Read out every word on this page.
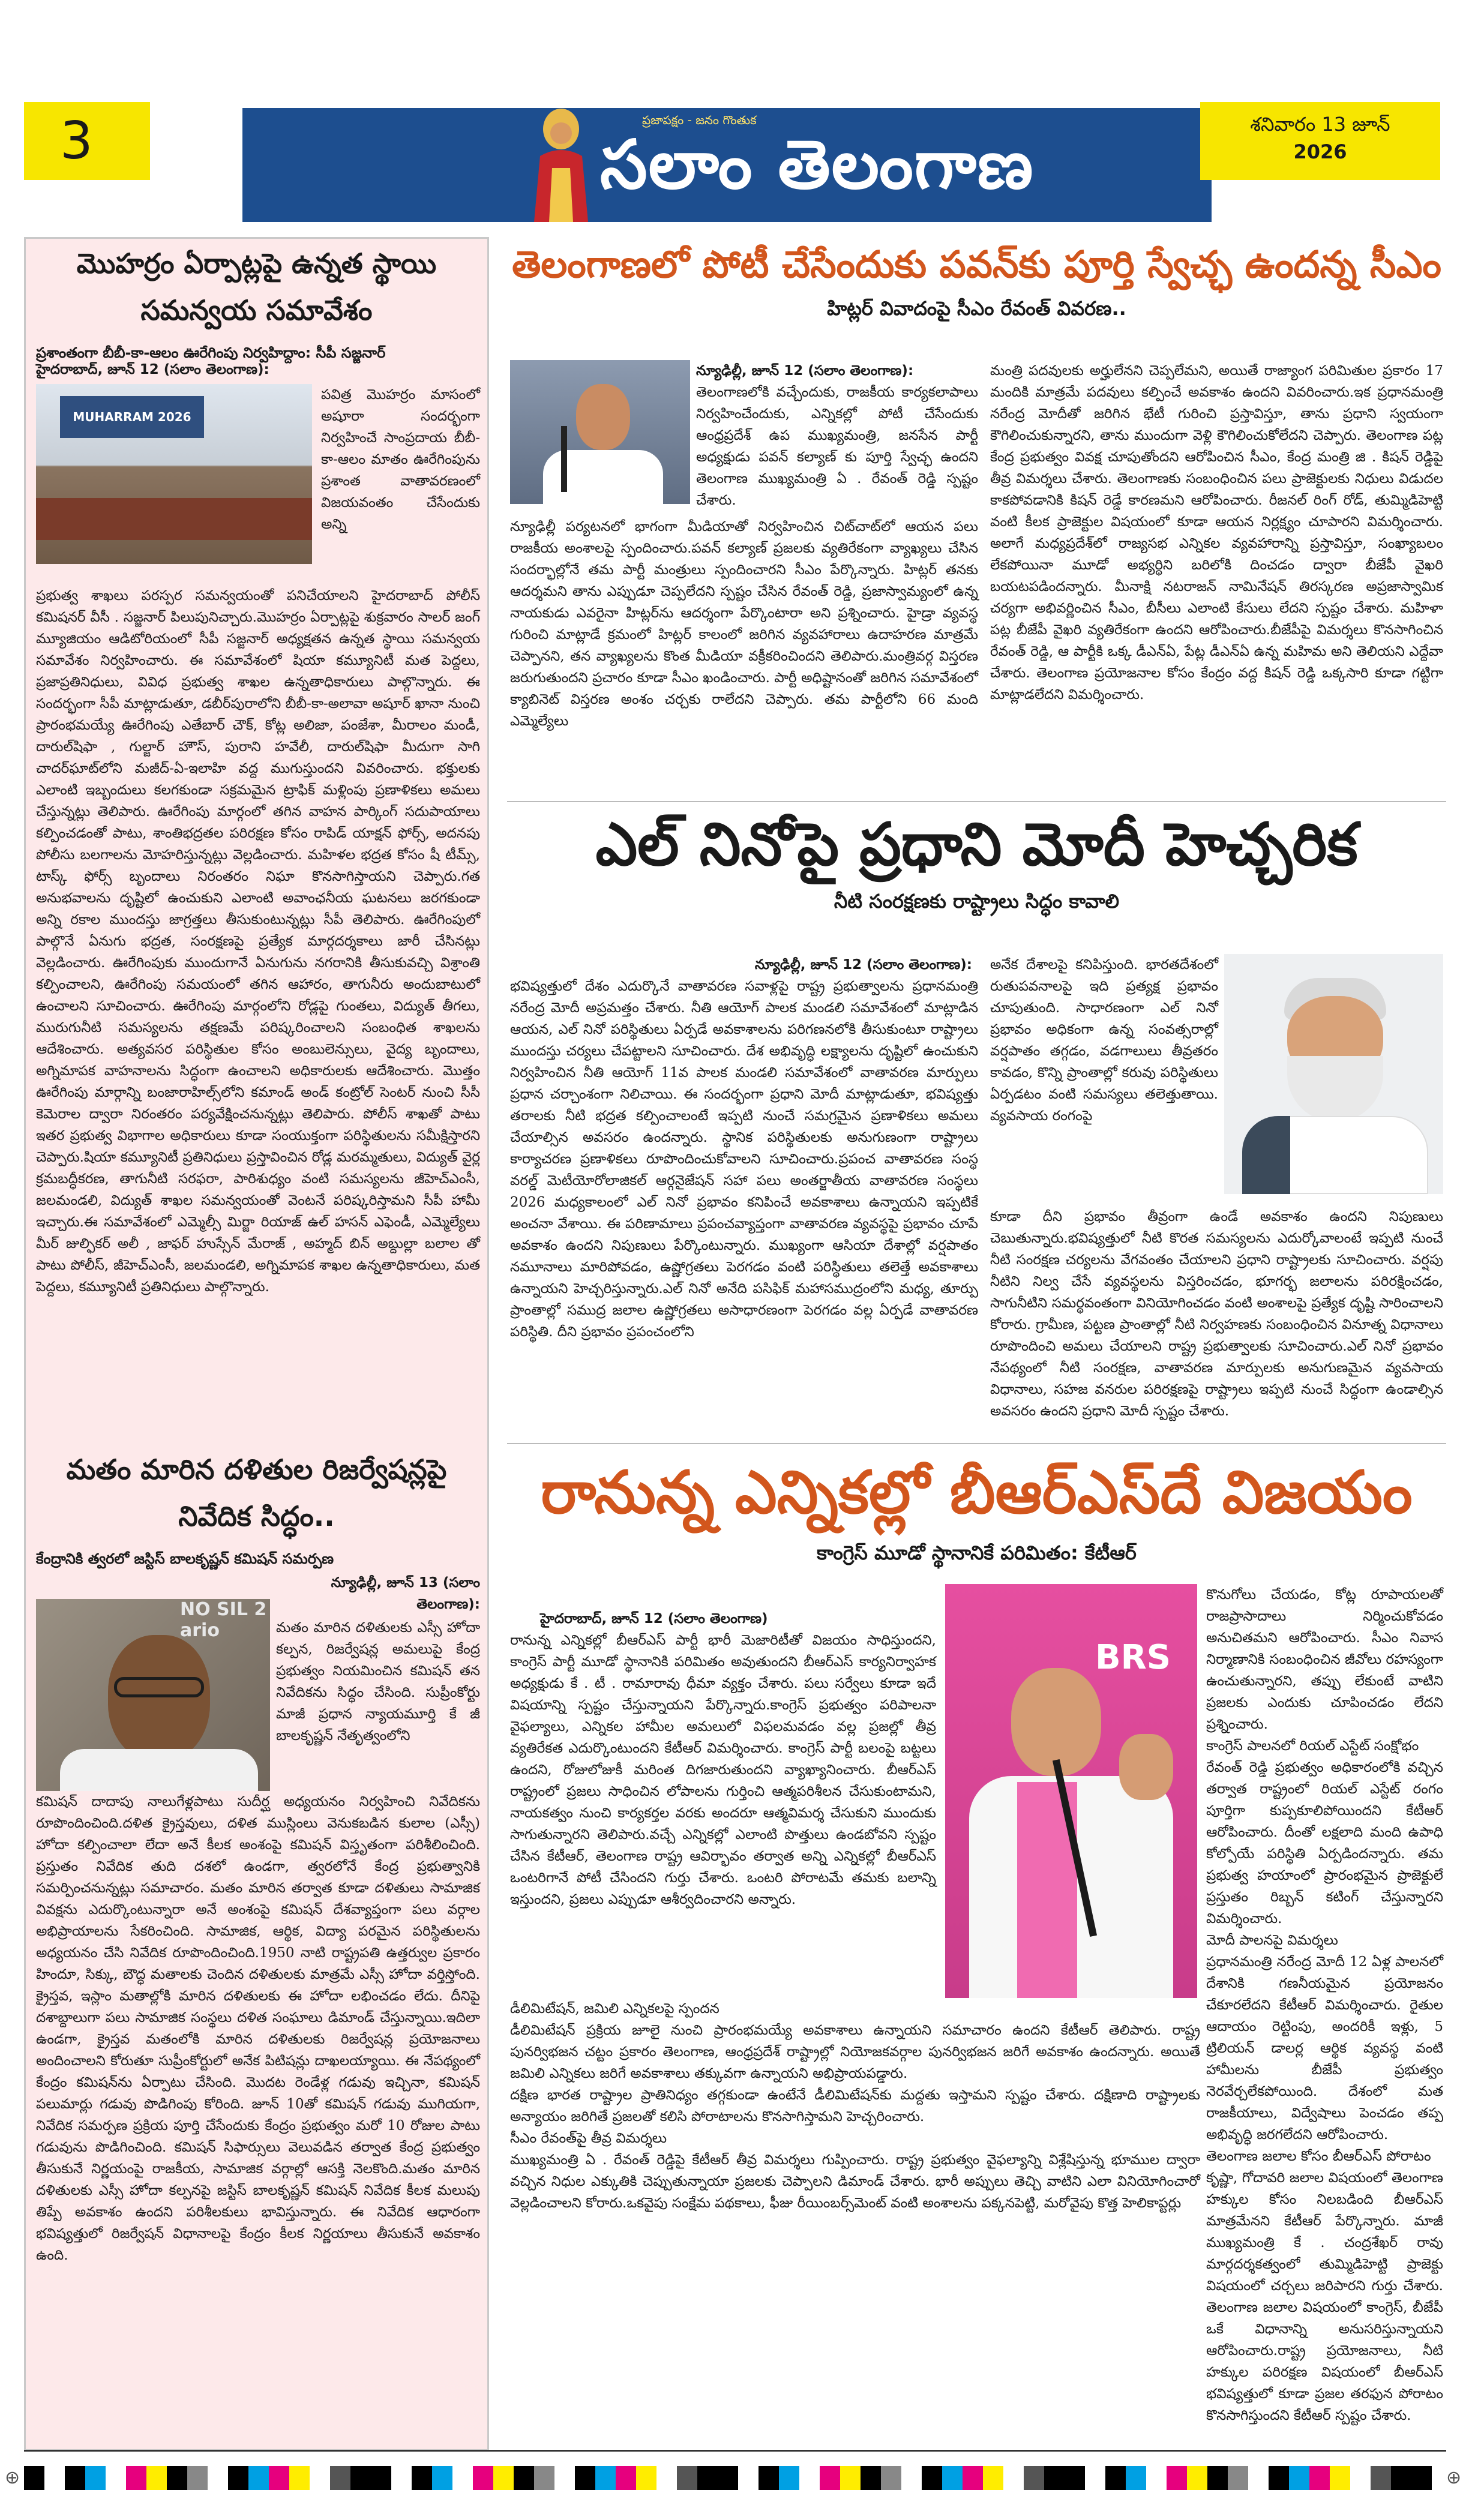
3	ప్రజాపక్షం - జనం గొంతుక
సలాం తెలంగాణ
శనివారం 13 జూన్
2026
మొహర్రం ఏర్పాట్లపై ఉన్నత స్థాయి సమన్వయ సమావేశం
ప్రశాంతంగా బీబీ-కా-ఆలం ఊరేగింపు నిర్వహిద్దాం: సీపీ సజ్జనార్
హైదరాబాద్, జూన్ 12 (సలాం తెలంగాణ):
MUHARRAM 2026

పవిత్ర మొహర్రం మాసంలో అషూరా సందర్భంగా నిర్వహించే సాంప్రదాయ బీబీ-కా-ఆలం మాతం ఊరేగింపును ప్రశాంత వాతావరణంలో విజయవంతం చేసేందుకు అన్ని

ప్రభుత్వ శాఖలు పరస్పర సమన్వయంతో పనిచేయాలని హైదరాబాద్ పోలీస్ కమిషనర్ వీసీ . సజ్జనార్ పిలుపునిచ్చారు.మొహర్రం ఏర్పాట్లపై శుక్రవారం సాలర్ జంగ్ మ్యూజియం ఆడిటోరియంలో సీపీ సజ్జనార్ అధ్యక్షతన ఉన్నత స్థాయి సమన్వయ సమావేశం నిర్వహించారు. ఈ సమావేశంలో షియా కమ్యూనిటీ మత పెద్దలు, ప్రజాప్రతినిధులు, వివిధ ప్రభుత్వ శాఖల ఉన్నతాధికారులు పాల్గొన్నారు. ఈ సందర్భంగా సీపీ మాట్లాడుతూ, డబీర్‌పురాలోని బీబీ-కా-అలావా అషూర్ ఖానా నుంచి ప్రారంభమయ్యే ఊరేగింపు ఎతేబార్ చౌక్, కోట్ల అలిజా, పంజేశా, మీరాలం మండీ, దారుల్‌షిఫా , గుల్జార్ హౌస్, పురాని హవేలీ, దారుల్‌షిఫా మీదుగా సాగి చాదర్‌ఘాట్‌లోని మజీద్-ఏ-ఇలాహి వద్ద ముగుస్తుందని వివరించారు. భక్తులకు ఎలాంటి ఇబ్బందులు కలగకుండా సక్రమమైన ట్రాఫిక్ మళ్లింపు ప్రణాళికలు అమలు చేస్తున్నట్లు తెలిపారు. ఊరేగింపు మార్గంలో తగిన వాహన పార్కింగ్ సదుపాయాలు కల్పించడంతో పాటు, శాంతిభద్రతల పరిరక్షణ కోసం రాపిడ్ యాక్షన్ ఫోర్స్, అదనపు పోలీసు బలగాలను మోహరిస్తున్నట్లు వెల్లడించారు. మహిళల భద్రత కోసం షీ టీమ్స్, టాస్క్ ఫోర్స్ బృందాలు నిరంతరం నిఘా కొనసాగిస్తాయని చెప్పారు.గత అనుభవాలను దృష్టిలో ఉంచుకుని ఎలాంటి అవాంఛనీయ ఘటనలు జరగకుండా అన్ని రకాల ముందస్తు జాగ్రత్తలు తీసుకుంటున్నట్లు సీపీ తెలిపారు. ఊరేగింపులో పాల్గొనే ఏనుగు భద్రత, సంరక్షణపై ప్రత్యేక మార్గదర్శకాలు జారీ చేసినట్లు వెల్లడించారు. ఊరేగింపుకు ముందుగానే ఏనుగును నగరానికి తీసుకువచ్చి విశ్రాంతి కల్పించాలని, ఊరేగింపు సమయంలో తగిన ఆహారం, తాగునీరు అందుబాటులో ఉంచాలని సూచించారు. ఊరేగింపు మార్గంలోని రోడ్లపై గుంతలు, విద్యుత్ తీగలు, మురుగునీటి సమస్యలను తక్షణమే పరిష్కరించాలని సంబంధిత శాఖలను ఆదేశించారు. అత్యవసర పరిస్థితుల కోసం అంబులెన్సులు, వైద్య బృందాలు, అగ్నిమాపక వాహనాలను సిద్ధంగా ఉంచాలని అధికారులకు ఆదేశించారు. మొత్తం ఊరేగింపు మార్గాన్ని బంజారాహిల్స్‌లోని కమాండ్ అండ్ కంట్రోల్ సెంటర్ నుంచి సీసీ కెమెరాల ద్వారా నిరంతరం పర్యవేక్షించనున్నట్లు తెలిపారు. పోలీస్ శాఖతో పాటు ఇతర ప్రభుత్వ విభాగాల అధికారులు కూడా సంయుక్తంగా పరిస్థితులను సమీక్షిస్తారని చెప్పారు.షియా కమ్యూనిటీ ప్రతినిధులు ప్రస్తావించిన రోడ్ల మరమ్మతులు, విద్యుత్ వైర్ల క్రమబద్ధీకరణ, తాగునీటి సరఫరా, పారిశుధ్యం వంటి సమస్యలను జీహెచ్ఎంసీ, జలమండలి, విద్యుత్ శాఖల సమన్వయంతో వెంటనే పరిష్కరిస్తామని సీపీ హామీ ఇచ్చారు.ఈ సమావేశంలో ఎమ్మెల్సీ మిర్జా రియాజ్ ఉల్ హసన్ ఎఫెండీ, ఎమ్మెల్యేలు మీర్ జుల్ఫికర్ అలీ , జాఫర్ హుస్సేన్ మేరాజ్ , అహ్మద్ బిన్ అబ్దుల్లా బలాల తో పాటు పోలీస్, జీహెచ్ఎంసీ, జలమండలి, అగ్నిమాపక శాఖల ఉన్నతాధికారులు, మత పెద్దలు, కమ్యూనిటీ ప్రతినిధులు పాల్గొన్నారు.

మతం మారిన దళితుల రిజర్వేషన్లపై నివేదిక సిద్ధం..
కేంద్రానికి త్వరలో జస్టిస్ బాలకృష్ణన్ కమిషన్ సమర్పణ
న్యూఢిల్లీ, జూన్ 13 (సలాం తెలంగాణ):
NO SIL 2 ario	మతం మారిన దళితులకు ఎస్సీ హోదా కల్పన, రిజర్వేషన్ల అమలుపై కేంద్ర ప్రభుత్వం నియమించిన కమిషన్ తన నివేదికను సిద్ధం చేసింది. సుప్రీంకోర్టు మాజీ ప్రధాన న్యాయమూర్తి కే జీ బాలకృష్ణన్ నేతృత్వంలోని

కమిషన్ దాదాపు నాలుగేళ్లపాటు సుదీర్ఘ అధ్యయనం నిర్వహించి నివేదికను రూపొందించింది.దళిత క్రైస్తవులు, దళిత ముస్లింలు వెనుకబడిన కులాల (ఎస్సీ) హోదా కల్పించాలా లేదా అనే కీలక అంశంపై కమిషన్ విస్తృతంగా పరిశీలించింది. ప్రస్తుతం నివేదిక తుది దశలో ఉండగా, త్వరలోనే కేంద్ర ప్రభుత్వానికి సమర్పించనున్నట్లు సమాచారం. మతం మారిన తర్వాత కూడా దళితులు సామాజిక వివక్షను ఎదుర్కొంటున్నారా అనే అంశంపై కమిషన్ దేశవ్యాప్తంగా పలు వర్గాల అభిప్రాయాలను సేకరించింది. సామాజిక, ఆర్థిక, విద్యా పరమైన పరిస్థితులను అధ్యయనం చేసి నివేదిక రూపొందించింది.1950 నాటి రాష్ట్రపతి ఉత్తర్వుల ప్రకారం హిందూ, సిక్కు, బౌద్ధ మతాలకు చెందిన దళితులకు మాత్రమే ఎస్సీ హోదా వర్తిస్తోంది. క్రైస్తవ, ఇస్లాం మతాల్లోకి మారిన దళితులకు ఈ హోదా లభించడం లేదు. దీనిపై దశాబ్దాలుగా పలు సామాజిక సంస్థలు దళిత సంఘాలు డిమాండ్ చేస్తున్నాయి.ఇదిలా ఉండగా, క్రైస్తవ మతంలోకి మారిన దళితులకు రిజర్వేషన్ల ప్రయోజనాలు అందించాలని కోరుతూ సుప్రీంకోర్టులో అనేక పిటిషన్లు దాఖలయ్యాయి. ఈ నేపథ్యంలో కేంద్రం కమిషన్‌ను ఏర్పాటు చేసింది. మొదట రెండేళ్ల గడువు ఇచ్చినా, కమిషన్ పలుమార్లు గడువు పొడిగింపు కోరింది. జూన్ 10తో కమిషన్ గడువు ముగియగా, నివేదిక సమర్పణ ప్రక్రియ పూర్తి చేసేందుకు కేంద్రం ప్రభుత్వం మరో 10 రోజుల పాటు గడువును పొడిగించింది. కమిషన్ సిఫార్సులు వెలువడిన తర్వాత కేంద్ర ప్రభుత్వం తీసుకునే నిర్ణయంపై రాజకీయ, సామాజిక వర్గాల్లో ఆసక్తి నెలకొంది.మతం మారిన దళితులకు ఎస్సీ హోదా కల్పనపై జస్టిస్ బాలకృష్ణన్ కమిషన్ నివేదిక కీలక మలుపు తిప్పే అవకాశం ఉందని పరిశీలకులు భావిస్తున్నారు. ఈ నివేదిక ఆధారంగా భవిష్యత్తులో రిజర్వేషన్ విధానాలపై కేంద్రం కీలక నిర్ణయాలు తీసుకునే అవకాశం ఉంది.

తెలంగాణలో పోటీ చేసేందుకు పవన్‌కు పూర్తి స్వేచ్ఛ ఉందన్న సీఎం
హిట్లర్ వివాదంపై సీఎం రేవంత్ వివరణ..
న్యూఢిల్లీ, జూన్ 12 (సలాం తెలంగాణ):

తెలంగాణలోకి వచ్చేందుకు, రాజకీయ కార్యకలాపాలు నిర్వహించేందుకు, ఎన్నికల్లో పోటీ చేసేందుకు ఆంధ్రప్రదేశ్ ఉప ముఖ్యమంత్రి, జనసేన పార్టీ అధ్యక్షుడు పవన్ కల్యాణ్ కు పూర్తి స్వేచ్ఛ ఉందని తెలంగాణ ముఖ్యమంత్రి ఏ . రేవంత్ రెడ్డి స్పష్టం చేశారు.

న్యూఢిల్లీ పర్యటనలో భాగంగా మీడియాతో నిర్వహించిన చిట్‌చాట్‌లో ఆయన పలు రాజకీయ అంశాలపై స్పందించారు.పవన్ కల్యాణ్ ప్రజలకు వ్యతిరేకంగా వ్యాఖ్యలు చేసిన సందర్భాల్లోనే తమ పార్టీ మంత్రులు స్పందించారని సీఎం పేర్కొన్నారు. హిట్లర్ తనకు ఆదర్శమని తాను ఎప్పుడూ చెప్పలేదని స్పష్టం చేసిన రేవంత్ రెడ్డి, ప్రజాస్వామ్యంలో ఉన్న నాయకుడు ఎవరైనా హిట్లర్‌ను ఆదర్శంగా పేర్కొంటారా అని ప్రశ్నించారు. హైడ్రా వ్యవస్థ గురించి మాట్లాడే క్రమంలో హిట్లర్ కాలంలో జరిగిన వ్యవహారాలు ఉదాహరణ మాత్రమే చెప్పానని, తన వ్యాఖ్యలను కొంత మీడియా వక్రీకరించిందని తెలిపారు.మంత్రివర్గ విస్తరణ జరుగుతుందని ప్రచారం కూడా సీఎం ఖండించారు. పార్టీ అధిష్టానంతో జరిగిన సమావేశంలో క్యాబినెట్ విస్తరణ అంశం చర్చకు రాలేదని చెప్పారు. తమ పార్టీలోని 66 మంది ఎమ్మెల్యేలు

మంత్రి పదవులకు అర్హులేనని చెప్పలేమని, అయితే రాజ్యాంగ పరిమితుల ప్రకారం 17 మందికి మాత్రమే పదవులు కల్పించే అవకాశం ఉందని వివరించారు.ఇక ప్రధానమంత్రి నరేంద్ర మోదీతో జరిగిన భేటీ గురించి ప్రస్తావిస్తూ, తాను ప్రధాని స్వయంగా కౌగిలించుకున్నారని, తాను ముందుగా వెళ్లి కౌగిలించుకోలేదని చెప్పారు. తెలంగాణ పట్ల కేంద్ర ప్రభుత్వం వివక్ష చూపుతోందని ఆరోపించిన సీఎం, కేంద్ర మంత్రి జి . కిషన్ రెడ్డిపై తీవ్ర విమర్శలు చేశారు. తెలంగాణకు సంబంధించిన పలు ప్రాజెక్టులకు నిధులు విడుదల కాకపోవడానికి కిషన్ రెడ్డే కారణమని ఆరోపించారు. రీజనల్ రింగ్ రోడ్, తుమ్మిడిహెట్టి వంటి కీలక ప్రాజెక్టుల విషయంలో కూడా ఆయన నిర్లక్ష్యం చూపారని విమర్శించారు. అలాగే మధ్యప్రదేశ్‌లో రాజ్యసభ ఎన్నికల వ్యవహారాన్ని ప్రస్తావిస్తూ, సంఖ్యాబలం లేకపోయినా మూడో అభ్యర్థిని బరిలోకి దించడం ద్వారా బీజేపీ వైఖరి బయటపడిందన్నారు. మీనాక్షి నటరాజన్ నామినేషన్ తిరస్కరణ అప్రజాస్వామిక చర్యగా అభివర్ణించిన సీఎం, బీసీలు ఎలాంటి కేసులు లేదని స్పష్టం చేశారు. మహిళా పట్ల బీజేపీ వైఖరి వ్యతిరేకంగా ఉందని ఆరోపించారు.బీజేపీపై విమర్శలు కొనసాగించిన రేవంత్ రెడ్డి, ఆ పార్టీకి ఒక్క డీఎన్ఏ, పేట్ల డీఎన్ఏ ఉన్న మహిమ అని తెలియని ఎద్దేవా చేశారు. తెలంగాణ ప్రయోజనాల కోసం కేంద్రం వద్ద కిషన్ రెడ్డి ఒక్కసారి కూడా గట్టిగా మాట్లాడలేదని విమర్శించారు.

ఎల్ నినోపై ప్రధాని మోదీ హెచ్చరిక
నీటి సంరక్షణకు రాష్ట్రాలు సిద్ధం కావాలి
న్యూఢిల్లీ, జూన్ 12 (సలాం తెలంగాణ):

భవిష్యత్తులో దేశం ఎదుర్కొనే వాతావరణ సవాళ్లపై రాష్ట్ర ప్రభుత్వాలను ప్రధానమంత్రి నరేంద్ర మోదీ అప్రమత్తం చేశారు. నీతి ఆయోగ్ పాలక మండలి సమావేశంలో మాట్లాడిన ఆయన, ఎల్ నినో పరిస్థితులు ఏర్పడే అవకాశాలను పరిగణనలోకి తీసుకుంటూ రాష్ట్రాలు ముందస్తు చర్యలు చేపట్టాలని సూచించారు. దేశ అభివృద్ధి లక్ష్యాలను దృష్టిలో ఉంచుకుని నిర్వహించిన నీతి ఆయోగ్ 11వ పాలక మండలి సమావేశంలో వాతావరణ మార్పులు ప్రధాన చర్చాంశంగా నిలిచాయి. ఈ సందర్భంగా ప్రధాని మోదీ మాట్లాడుతూ, భవిష్యత్తు తరాలకు నీటి భద్రత కల్పించాలంటే ఇప్పటి నుంచే సమగ్రమైన ప్రణాళికలు అమలు చేయాల్సిన అవసరం ఉందన్నారు. స్థానిక పరిస్థితులకు అనుగుణంగా రాష్ట్రాలు కార్యాచరణ ప్రణాళికలు రూపొందించుకోవాలని సూచించారు.ప్రపంచ వాతావరణ సంస్థ వరల్డ్ మెటీయోరోలాజికల్ ఆర్గనైజేషన్ సహా పలు అంతర్జాతీయ వాతావరణ సంస్థలు 2026 మధ్యకాలంలో ఎల్ నినో ప్రభావం కనిపించే అవకాశాలు ఉన్నాయని ఇప్పటికే అంచనా వేశాయి. ఈ పరిణామాలు ప్రపంచవ్యాప్తంగా వాతావరణ వ్యవస్థపై ప్రభావం చూపే అవకాశం ఉందని నిపుణులు పేర్కొంటున్నారు. ముఖ్యంగా ఆసియా దేశాల్లో వర్షపాతం నమూనాలు మారిపోవడం, ఉష్ణోగ్రతలు పెరగడం వంటి పరిస్థితులు తలెత్తే అవకాశాలు ఉన్నాయని హెచ్చరిస్తున్నారు.ఎల్ నినో అనేది పసిఫిక్ మహాసముద్రంలోని మధ్య, తూర్పు ప్రాంతాల్లో సముద్ర జలాల ఉష్ణోగ్రతలు అసాధారణంగా పెరగడం వల్ల ఏర్పడే వాతావరణ పరిస్థితి. దీని ప్రభావం ప్రపంచంలోని

అనేక దేశాలపై కనిపిస్తుంది. భారతదేశంలో రుతుపవనాలపై ఇది ప్రత్యక్ష ప్రభావం చూపుతుంది. సాధారణంగా ఎల్ నినో ప్రభావం అధికంగా ఉన్న సంవత్సరాల్లో వర్షపాతం తగ్గడం, వడగాలులు తీవ్రతరం కావడం, కొన్ని ప్రాంతాల్లో కరువు పరిస్థితులు ఏర్పడటం వంటి సమస్యలు తలెత్తుతాయి. వ్యవసాయ రంగంపై

కూడా దీని ప్రభావం తీవ్రంగా ఉండే అవకాశం ఉందని నిపుణులు చెబుతున్నారు.భవిష్యత్తులో నీటి కొరత సమస్యలను ఎదుర్కోవాలంటే ఇప్పటి నుంచే నీటి సంరక్షణ చర్యలను వేగవంతం చేయాలని ప్రధాని రాష్ట్రాలకు సూచించారు. వర్షపు నీటిని నిల్వ చేసే వ్యవస్థలను విస్తరించడం, భూగర్భ జలాలను పరిరక్షించడం, సాగునీటిని సమర్థవంతంగా వినియోగించడం వంటి అంశాలపై ప్రత్యేక దృష్టి సారించాలని కోరారు. గ్రామీణ, పట్టణ ప్రాంతాల్లో నీటి నిర్వహణకు సంబంధించిన వినూత్న విధానాలు రూపొందించి అమలు చేయాలని రాష్ట్ర ప్రభుత్వాలకు సూచించారు.ఎల్ నినో ప్రభావం నేపథ్యంలో నీటి సంరక్షణ, వాతావరణ మార్పులకు అనుగుణమైన వ్యవసాయ విధానాలు, సహజ వనరుల పరిరక్షణపై రాష్ట్రాలు ఇప్పటి నుంచే సిద్ధంగా ఉండాల్సిన అవసరం ఉందని ప్రధాని మోదీ స్పష్టం చేశారు.

రానున్న ఎన్నికల్లో బీఆర్‌ఎస్‌దే విజయం
కాంగ్రెస్ మూడో స్థానానికే పరిమితం: కేటీఆర్
హైదరాబాద్, జూన్ 12 (సలాం తెలంగాణ)

రానున్న ఎన్నికల్లో బీఆర్‌ఎస్ పార్టీ భారీ మెజారిటీతో విజయం సాధిస్తుందని, కాంగ్రెస్ పార్టీ మూడో స్థానానికి పరిమితం అవుతుందని బీఆర్‌ఎస్ కార్యనిర్వాహక అధ్యక్షుడు కే . టీ . రామారావు ధీమా వ్యక్తం చేశారు. పలు సర్వేలు కూడా ఇదే విషయాన్ని స్పష్టం చేస్తున్నాయని పేర్కొన్నారు.కాంగ్రెస్ ప్రభుత్వం పరిపాలనా వైఫల్యాలు, ఎన్నికల హామీల అమలులో విఫలమవడం వల్ల ప్రజల్లో తీవ్ర వ్యతిరేకత ఎదుర్కొంటుందని కేటీఆర్ విమర్శించారు. కాంగ్రెస్ పార్టీ బలంపై బట్టలు ఉందని, రోజులోజుకీ మరింత దిగజారుతుందని వ్యాఖ్యానించారు. బీఆర్‌ఎస్ రాష్ట్రంలో ప్రజలు సాధించిన లోపాలను గుర్తించి ఆత్మపరిశీలన చేసుకుంటామని, నాయకత్వం నుంచి కార్యకర్తల వరకు అందరూ ఆత్మవిమర్శ చేసుకుని ముందుకు సాగుతున్నారని తెలిపారు.వచ్చే ఎన్నికల్లో ఎలాంటి పొత్తులు ఉండబోవని స్పష్టం చేసిన కేటీఆర్, తెలంగాణ రాష్ట్ర ఆవిర్భావం తర్వాత అన్ని ఎన్నికల్లో బీఆర్‌ఎస్ ఒంటరిగానే పోటీ చేసిందని గుర్తు చేశారు. ఒంటరి పోరాటమే తమకు బలాన్ని ఇస్తుందని, ప్రజలు ఎప్పుడూ ఆశీర్వదించారని అన్నారు.

BRS

డీలిమిటేషన్, జమిలి ఎన్నికలపై స్పందన
డీలిమిటేషన్ ప్రక్రియ జూలై నుంచి ప్రారంభమయ్యే అవకాశాలు ఉన్నాయని సమాచారం ఉందని కేటీఆర్ తెలిపారు. రాష్ట్ర పునర్విభజన చట్టం ప్రకారం తెలంగాణ, ఆంధ్రప్రదేశ్ రాష్ట్రాల్లో నియోజకవర్గాల పునర్విభజన జరిగే అవకాశం ఉందన్నారు. అయితే జమిలి ఎన్నికలు జరిగే అవకాశాలు తక్కువగా ఉన్నాయని అభిప్రాయపడ్డారు.
దక్షిణ భారత రాష్ట్రాల ప్రాతినిధ్యం తగ్గకుండా ఉంటేనే డీలిమిటేషన్‌కు మద్దతు ఇస్తామని స్పష్టం చేశారు. దక్షిణాది రాష్ట్రాలకు అన్యాయం జరిగితే ప్రజలతో కలిసి పోరాటాలను కొనసాగిస్తామని హెచ్చరించారు.
సీఎం రేవంత్‌పై తీవ్ర విమర్శలు
ముఖ్యమంత్రి ఏ . రేవంత్ రెడ్డిపై కేటీఆర్ తీవ్ర విమర్శలు గుప్పించారు. రాష్ట్ర ప్రభుత్వం వైఫల్యాన్ని విశ్లేషిస్తున్న భూముల ద్వారా వచ్చిన నిధుల ఎక్కుతికి చెప్పుతున్నాయా ప్రజలకు చెప్పాలని డిమాండ్ చేశారు. భారీ అప్పులు తెచ్చి వాటిని ఎలా వినియోగించారో వెల్లడించాలని కోరారు.ఒకవైపు సంక్షేమ పథకాలు, ఫీజు రీయింబర్స్‌మెంట్ వంటి అంశాలను పక్కనపెట్టి, మరోవైపు కొత్త హెలికాప్టర్లు

కొనుగోలు చేయడం, కోట్ల రూపాయలతో రాజప్రాసాదాలు నిర్మించుకోవడం అనుచితమని ఆరోపించారు. సీఎం నివాస నిర్మాణానికి సంబంధించిన జీవోలు రహస్యంగా ఉంచుతున్నారని, తప్పు లేకుంటే వాటిని ప్రజలకు ఎందుకు చూపించడం లేదని ప్రశ్నించారు.
కాంగ్రెస్ పాలనలో రియల్ ఎస్టేట్ సంక్షోభం
రేవంత్ రెడ్డి ప్రభుత్వం అధికారంలోకి వచ్చిన తర్వాత రాష్ట్రంలో రియల్ ఎస్టేట్ రంగం పూర్తిగా కుప్పకూలిపోయిందని కేటీఆర్ ఆరోపించారు. దీంతో లక్షలాది మంది ఉపాధి కోల్పోయే పరిస్థితి ఏర్పడిందన్నారు. తమ ప్రభుత్వ హయాంలో ప్రారంభమైన ప్రాజెక్టులే ప్రస్తుతం రిబ్బన్ కటింగ్ చేస్తున్నారని విమర్శించారు.
మోదీ పాలనపై విమర్శలు
ప్రధానమంత్రి నరేంద్ర మోదీ 12 ఏళ్ల పాలనలో దేశానికి గణనీయమైన ప్రయోజనం చేకూరలేదని కేటీఆర్ విమర్శించారు. రైతుల ఆదాయం రెట్టింపు, అందరికీ ఇళ్లు, 5 ట్రిలియన్ డాలర్ల ఆర్థిక వ్యవస్థ వంటి హామీలను బీజేపీ ప్రభుత్వం నెరవేర్చలేకపోయింది. దేశంలో మత రాజకీయాలు, విద్వేషాలు పెంచడం తప్ప అభివృద్ధి జరగలేదని ఆరోపించారు.
తెలంగాణ జలాల కోసం బీఆర్‌ఎస్ పోరాటం
కృష్ణా, గోదావరి జలాల విషయంలో తెలంగాణ హక్కుల కోసం నిలబడింది బీఆర్‌ఎస్ మాత్రమేనని కేటీఆర్ పేర్కొన్నారు. మాజీ ముఖ్యమంత్రి కే . చంద్రశేఖర్ రావు మార్గదర్శకత్వంలో తుమ్మిడిహెట్టి ప్రాజెక్టు విషయంలో చర్చలు జరిపారని గుర్తు చేశారు. తెలంగాణ జలాల విషయంలో కాంగ్రెస్, బీజేపీ ఒకే విధానాన్ని అనుసరిస్తున్నాయని ఆరోపించారు.రాష్ట్ర ప్రయోజనాలు, నీటి హక్కుల పరిరక్షణ విషయంలో బీఆర్‌ఎస్ భవిష్యత్తులో కూడా ప్రజల తరఫున పోరాటం కొనసాగిస్తుందని కేటీఆర్ స్పష్టం చేశారు.

⊕	⊕
